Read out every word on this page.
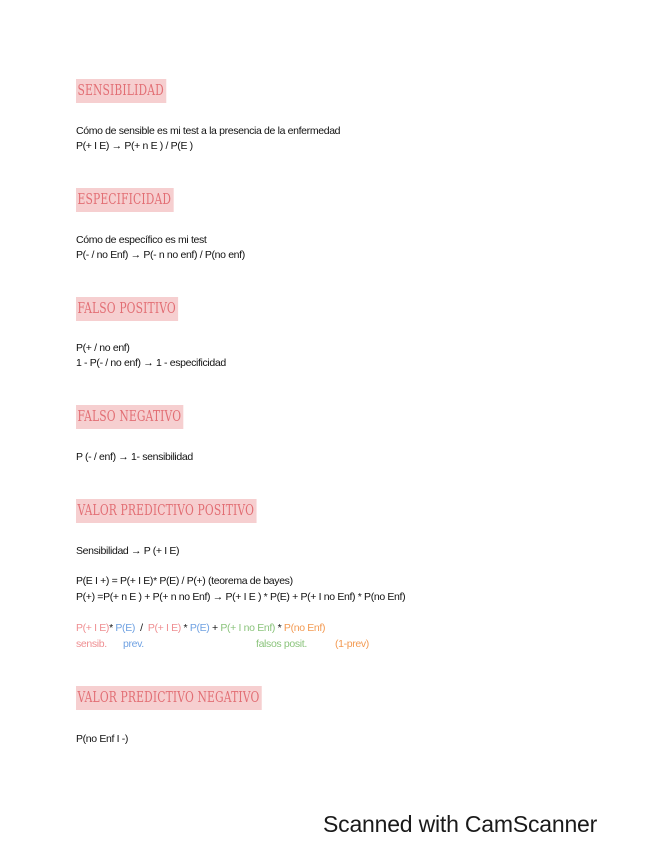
SENSIBILIDAD
Cómo de sensible es mi test a la presencia de la enfermedad
P(+ I E) → P(+ n E ) / P(E )
ESPECIFICIDAD
Cómo de específico es mi test
P(- / no Enf) → P(- n no enf) / P(no enf)
FALSO POSITIVO
P(+ / no enf)
1 - P(- / no enf) → 1 - especificidad
FALSO NEGATIVO
P (- / enf) → 1- sensibilidad
VALOR PREDICTIVO POSITIVO
Sensibilidad → P (+ I E)
P(E I +) = P(+ I E)* P(E) / P(+) (teorema de bayes)
P(+) =P(+ n E ) + P(+ n no Enf) → P(+ I E ) * P(E) + P(+ I no Enf) * P(no Enf)
P(+ I E)* P(E)  /  P(+ I E) * P(E) + P(+ I no Enf) * P(no Enf)
sensib. prev.	falsos posit.	(1-prev)
VALOR PREDICTIVO NEGATIVO
P(no Enf I -)
Scanned with CamScanner
